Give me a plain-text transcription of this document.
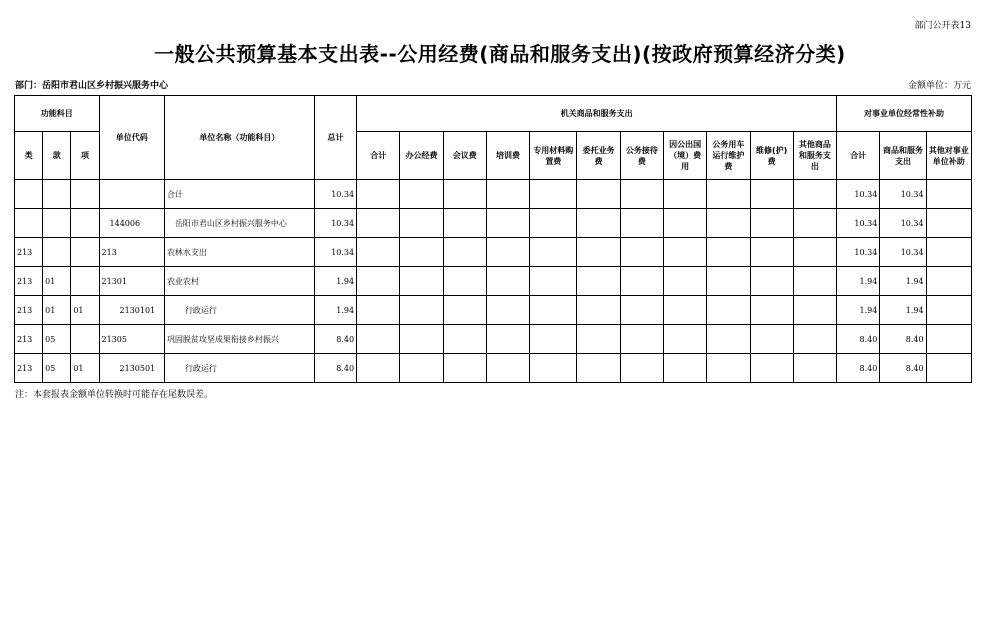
部门公开表13
一般公共预算基本支出表--公用经费(商品和服务支出)(按政府预算经济分类)
部门：岳阳市君山区乡村振兴服务中心	金额单位：万元
功能科目			单位代码	单位名称（功能科目）	总计	机关商品和服务支出											对事业单位经常性补助		
类	款	项				合计	办公经费	会议费	培训费	专用材料购置费	委托业务费	公务接待费	因公出国（境）费用	公务用车运行维护费	维修(护)费	其他商品和服务支出	合计	商品和服务支出	其他对事业单位补助
				合计	10.34												10.34	10.34	
			144006	岳阳市君山区乡村振兴服务中心	10.34												10.34	10.34	
213			213	农林水支出	10.34												10.34	10.34	
213	01		21301	农业农村	1.94												1.94	1.94	
213	01	01	2130101	行政运行	1.94												1.94	1.94	
213	05		21305	巩固脱贫攻坚成果衔接乡村振兴	8.40												8.40	8.40	
213	05	01	2130501	行政运行	8.40												8.40	8.40	
注：本套报表金额单位转换时可能存在尾数误差。
